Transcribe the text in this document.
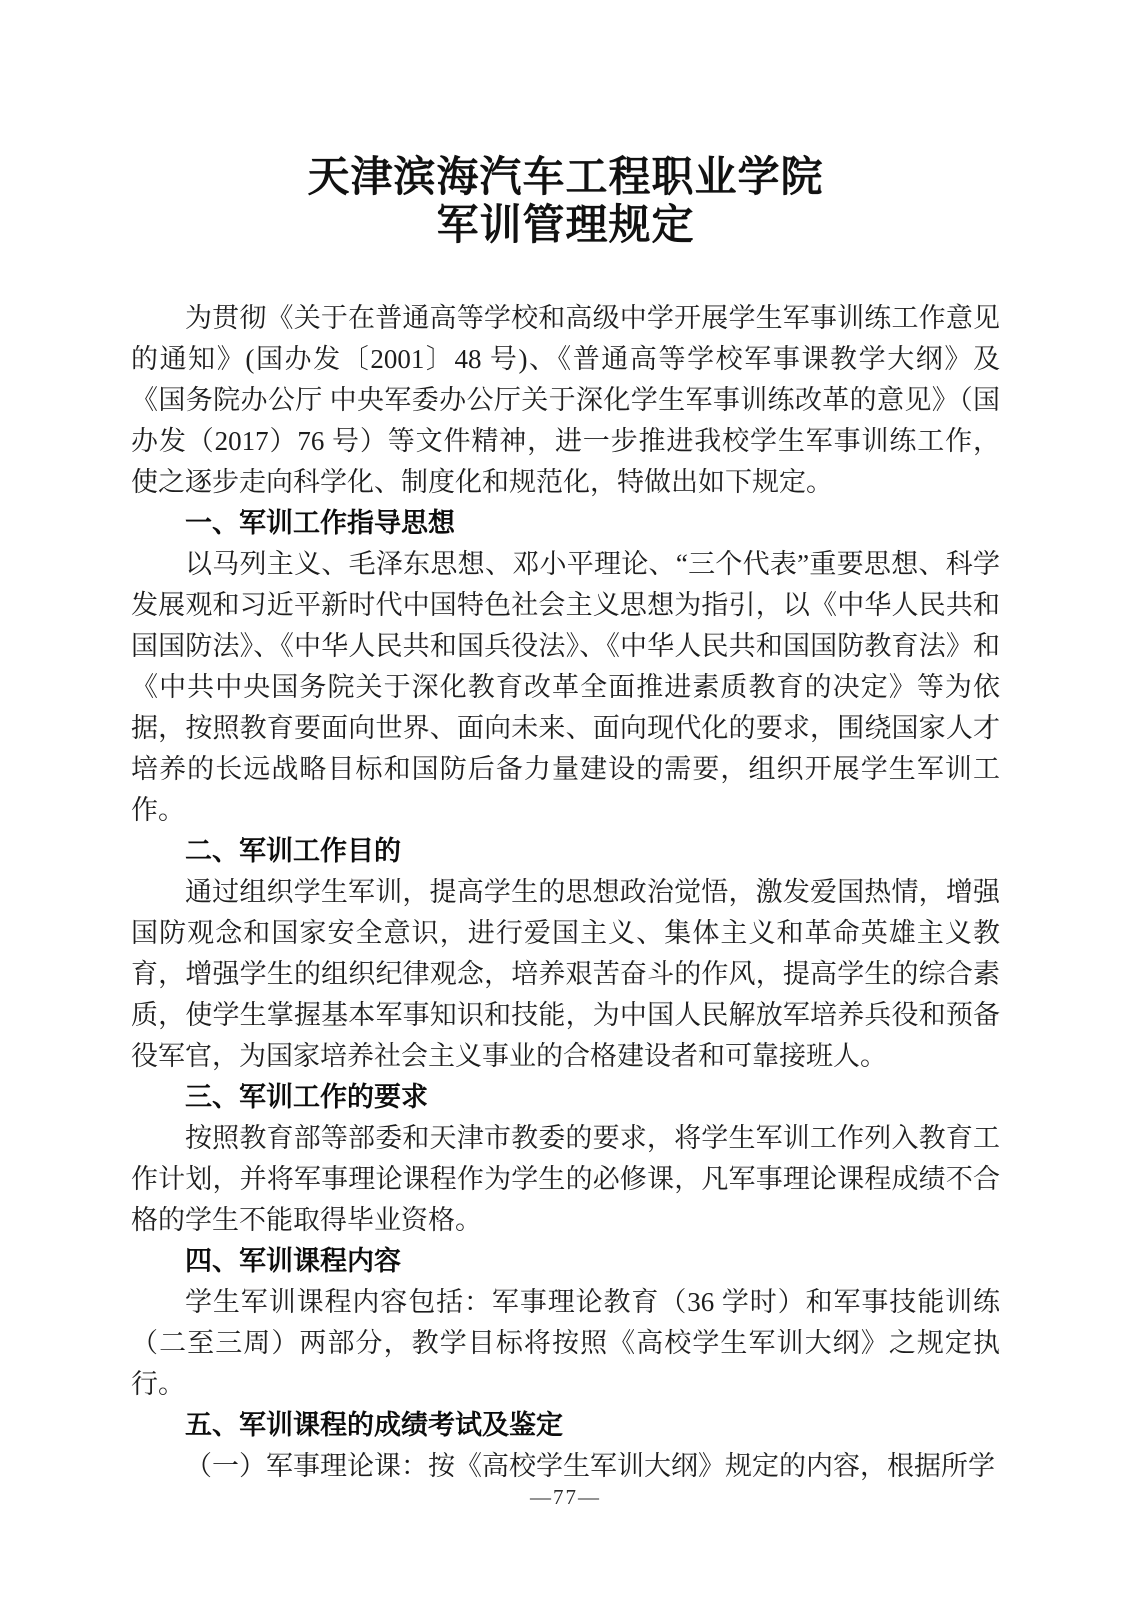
天津滨海汽车工程职业学院
军训管理规定

为贯彻《关于在普通高等学校和高级中学开展学生军事训练工作意见的通知》(国办发〔2001〕48 号)、《普通高等学校军事课教学大纲》及《国务院办公厅 中央军委办公厅关于深化学生军事训练改革的意见》（国办发（2017）76 号）等文件精神，进一步推进我校学生军事训练工作，使之逐步走向科学化、制度化和规范化，特做出如下规定。

一、军训工作指导思想

以马列主义、毛泽东思想、邓小平理论、“三个代表”重要思想、科学发展观和习近平新时代中国特色社会主义思想为指引，以《中华人民共和国国防法》、《中华人民共和国兵役法》、《中华人民共和国国防教育法》和《中共中央国务院关于深化教育改革全面推进素质教育的决定》等为依据，按照教育要面向世界、面向未来、面向现代化的要求，围绕国家人才培养的长远战略目标和国防后备力量建设的需要，组织开展学生军训工作。

二、军训工作目的

通过组织学生军训，提高学生的思想政治觉悟，激发爱国热情，增强国防观念和国家安全意识，进行爱国主义、集体主义和革命英雄主义教育，增强学生的组织纪律观念，培养艰苦奋斗的作风，提高学生的综合素质，使学生掌握基本军事知识和技能，为中国人民解放军培养兵役和预备役军官，为国家培养社会主义事业的合格建设者和可靠接班人。

三、军训工作的要求

按照教育部等部委和天津市教委的要求，将学生军训工作列入教育工作计划，并将军事理论课程作为学生的必修课，凡军事理论课程成绩不合格的学生不能取得毕业资格。

四、军训课程内容

学生军训课程内容包括：军事理论教育（36 学时）和军事技能训练（二至三周）两部分，教学目标将按照《高校学生军训大纲》之规定执行。

五、军训课程的成绩考试及鉴定

（一）军事理论课：按《高校学生军训大纲》规定的内容，根据所学

—77—
